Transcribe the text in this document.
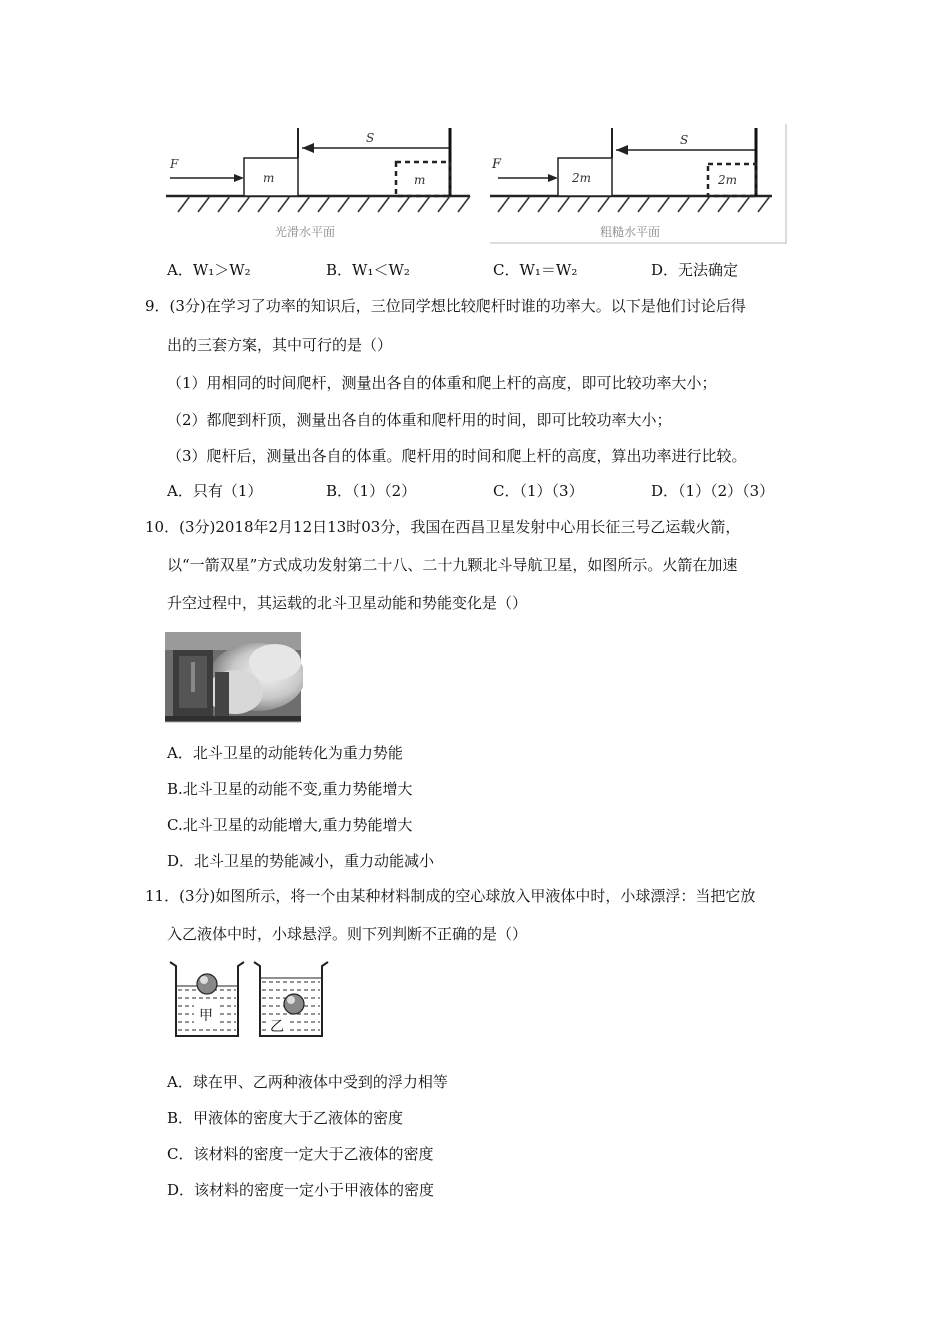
F
m
S
m
光滑水平面
F
2m
S
2m
粗糙水平面
A．W₁＞W₂	B．W₁＜W₂	C．W₁＝W₂	D．无法确定
9．(3分)在学习了功率的知识后，三位同学想比较爬杆时谁的功率大。以下是他们讨论后得
出的三套方案，其中可行的是（）
（1）用相同的时间爬杆，测量出各自的体重和爬上杆的高度，即可比较功率大小；
（2）都爬到杆顶，测量出各自的体重和爬杆用的时间，即可比较功率大小；
（3）爬杆后，测量出各自的体重。爬杆用的时间和爬上杆的高度，算出功率进行比较。
A．只有（1）	B．（1）（2）	C．（1）（3）	D．（1）（2）（3）
10．(3分)2018年2月12日13时03分，我国在西昌卫星发射中心用长征三号乙运载火箭，
以“一箭双星”方式成功发射第二十八、二十九颗北斗导航卫星，如图所示。火箭在加速
升空过程中，其运载的北斗卫星动能和势能变化是（）
A．北斗卫星的动能转化为重力势能
B.北斗卫星的动能不变,重力势能增大
C.北斗卫星的动能增大,重力势能增大
D．北斗卫星的势能减小，重力动能减小
11．(3分)如图所示，将一个由某种材料制成的空心球放入甲液体中时，小球漂浮：当把它放
入乙液体中时，小球悬浮。则下列判断不正确的是（）
甲
乙
A．球在甲、乙两种液体中受到的浮力相等
B．甲液体的密度大于乙液体的密度
C．该材料的密度一定大于乙液体的密度
D．该材料的密度一定小于甲液体的密度
